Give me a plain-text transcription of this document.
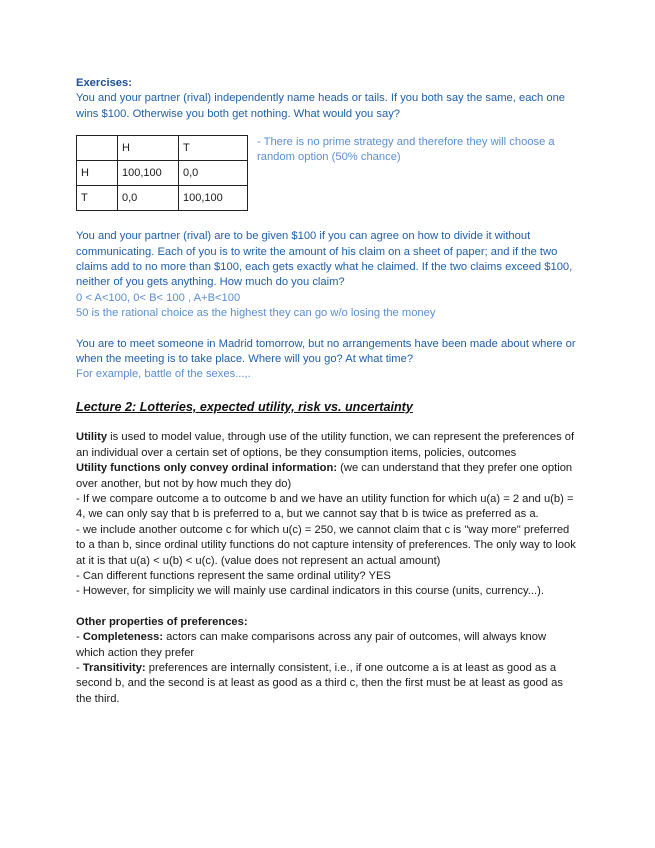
Exercises:

You and your partner (rival) independently name heads or tails. If you both say the same, each one wins $100. Otherwise you both get nothing. What would you say?

	H	T
H	100,100	0,0
T	0,0	100,100

- There is no prime strategy and therefore they will choose a random option (50% chance)

You and your partner (rival) are to be given $100 if you can agree on how to divide it without communicating. Each of you is to write the amount of his claim on a sheet of paper; and if the two claims add to no more than $100, each gets exactly what he claimed. If the two claims exceed $100, neither of you gets anything. How much do you claim?

0 < A<100, 0< B< 100 , A+B<100

50 is the rational choice as the highest they can go w/o losing the money

You are to meet someone in Madrid tomorrow, but no arrangements have been made about where or when the meeting is to take place. Where will you go? At what time?

For example, battle of the sexes...,.

Lecture 2: Lotteries, expected utility, risk vs. uncertainty

Utility is used to model value, through use of the utility function, we can represent the preferences of an individual over a certain set of options, be they consumption items, policies, outcomes

Utility functions only convey ordinal information: (we can understand that they prefer one option over another, but not by how much they do)

- If we compare outcome a to outcome b and we have an utility function for which u(a) = 2 and u(b) = 4, we can only say that b is preferred to a, but we cannot say that b is twice as preferred as a.

- we include another outcome c for which u(c) = 250, we cannot claim that c is "way more" preferred to a than b, since ordinal utility functions do not capture intensity of preferences. The only way to look at it is that u(a) < u(b) < u(c). (value does not represent an actual amount)

- Can different functions represent the same ordinal utility? YES

- However, for simplicity we will mainly use cardinal indicators in this course (units, currency...).

Other properties of preferences:

- Completeness: actors can make comparisons across any pair of outcomes, will always know which action they prefer

- Transitivity: preferences are internally consistent, i.e., if one outcome a is at least as good as a second b, and the second is at least as good as a third c, then the first must be at least as good as the third.
